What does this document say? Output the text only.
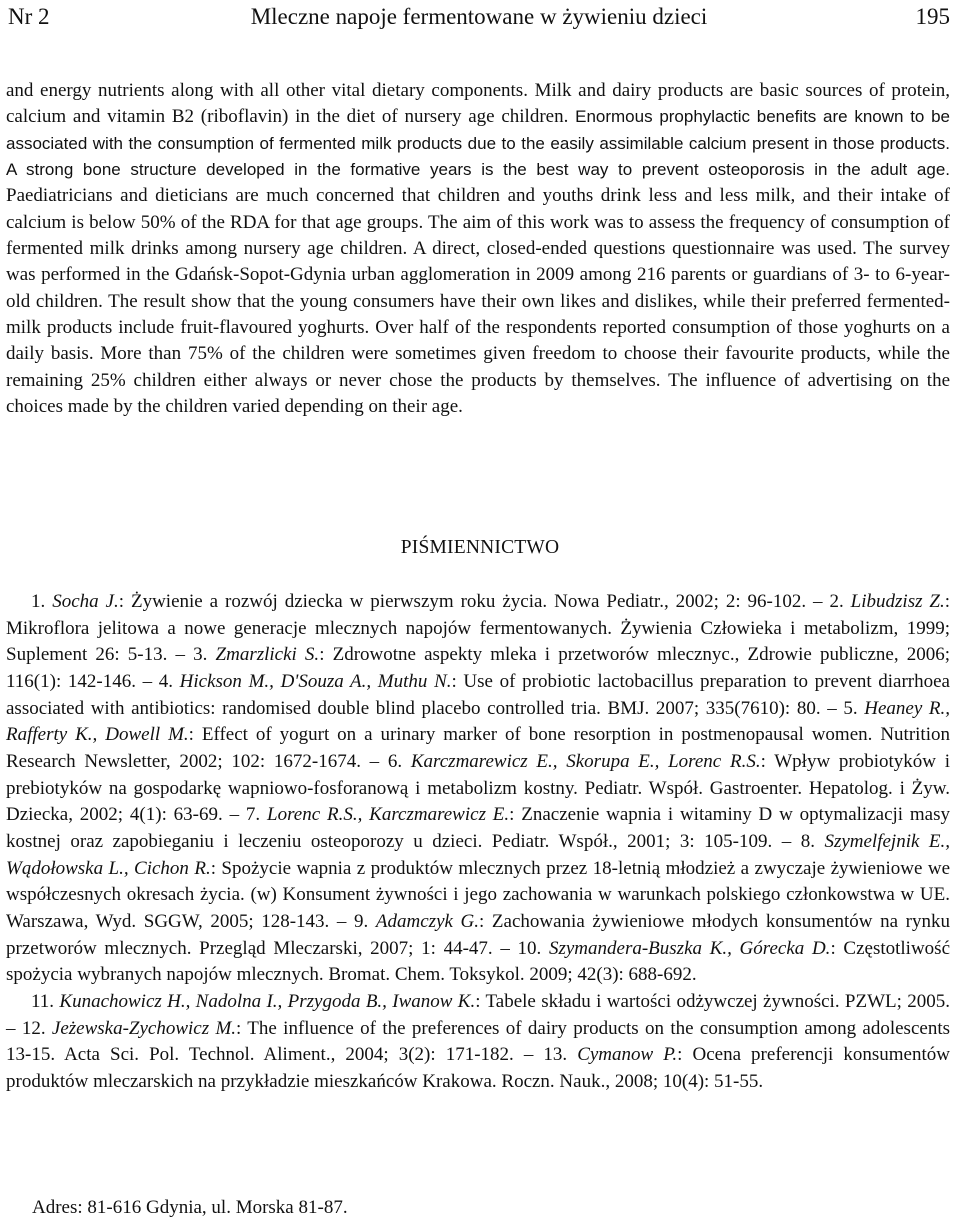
Nr 2	Mleczne napoje fermentowane w żywieniu dzieci	195
and energy nutrients along with all other vital dietary components. Milk and dairy products are basic sources of protein, calcium and vitamin B2 (riboflavin) in the diet of nursery age children. Enormous prophylactic benefits are known to be associated with the consumption of fermented milk products due to the easily assimilable calcium present in those products. A strong bone structure developed in the formative years is the best way to prevent osteoporosis in the adult age. Paediatricians and dieticians are much concerned that children and youths drink less and less milk, and their intake of calcium is below 50% of the RDA for that age groups. The aim of this work was to assess the frequency of consumption of fermented milk drinks among nursery age children. A direct, closed-ended questions questionnaire was used. The survey was performed in the Gdańsk-Sopot-Gdynia urban agglomeration in 2009 among 216 parents or guardians of 3- to 6-year-old children. The result show that the young consumers have their own likes and dislikes, while their preferred fermented-milk products include fruit-flavoured yoghurts. Over half of the respondents reported consumption of those yoghurts on a daily basis. More than 75% of the children were sometimes given freedom to choose their favourite products, while the remaining 25% children either always or never chose the products by themselves. The influence of advertising on the choices made by the children varied depending on their age.
PIŚMIENNICTWO

1. Socha J.: Żywienie a rozwój dziecka w pierwszym roku życia. Nowa Pediatr., 2002; 2: 96-102. – 2. Libudzisz Z.: Mikroflora jelitowa a nowe generacje mlecznych napojów fermentowanych. Żywienia Człowieka i metabolizm, 1999; Suplement 26: 5-13. – 3. Zmarzlicki S.: Zdrowotne aspekty mleka i przetworów mlecznyc., Zdrowie publiczne, 2006; 116(1): 142-146. – 4. Hickson M., D'Souza A., Muthu N.: Use of probiotic lactobacillus preparation to prevent diarrhoea associated with antibiotics: randomised double blind placebo controlled tria. BMJ. 2007; 335(7610): 80. – 5. Heaney R., Rafferty K., Dowell M.: Effect of yogurt on a urinary marker of bone resorption in postmenopausal women. Nutrition Research Newsletter, 2002; 102: 1672-1674. – 6. Karczmarewicz E., Skorupa E., Lorenc R.S.: Wpływ probiotyków i prebiotyków na gospodarkę wapniowo-fosforanową i metabolizm kostny. Pediatr. Współ. Gastroenter. Hepatolog. i Żyw. Dziecka, 2002; 4(1): 63-69. – 7. Lorenc R.S., Karczmarewicz E.: Znaczenie wapnia i witaminy D w optymalizacji masy kostnej oraz zapobieganiu i leczeniu osteoporozy u dzieci. Pediatr. Współ., 2001; 3: 105-109. – 8. Szymelfejnik E., Wądołowska L., Cichon R.: Spożycie wapnia z produktów mlecznych przez 18-letnią młodzież a zwyczaje żywieniowe we współczesnych okresach życia. (w) Konsument żywności i jego zachowania w warunkach polskiego członkowstwa w UE. Warszawa, Wyd. SGGW, 2005; 128-143. – 9. Adamczyk G.: Zachowania żywieniowe młodych konsumentów na rynku przetworów mlecznych. Przegląd Mleczarski, 2007; 1: 44-47. – 10. Szymandera-Buszka K., Górecka D.: Częstotliwość spożycia wybranych napojów mlecznych. Bromat. Chem. Toksykol. 2009; 42(3): 688-692.

11. Kunachowicz H., Nadolna I., Przygoda B., Iwanow K.: Tabele składu i wartości odżywczej żywności. PZWL; 2005. – 12. Jeżewska-Zychowicz M.: The influence of the preferences of dairy products on the consumption among adolescents 13-15. Acta Sci. Pol. Technol. Aliment., 2004; 3(2): 171-182. – 13. Cymanow P.: Ocena preferencji konsumentów produktów mleczarskich na przykładzie mieszkańców Krakowa. Roczn. Nauk., 2008; 10(4): 51-55.

Adres: 81-616 Gdynia, ul. Morska 81-87.
